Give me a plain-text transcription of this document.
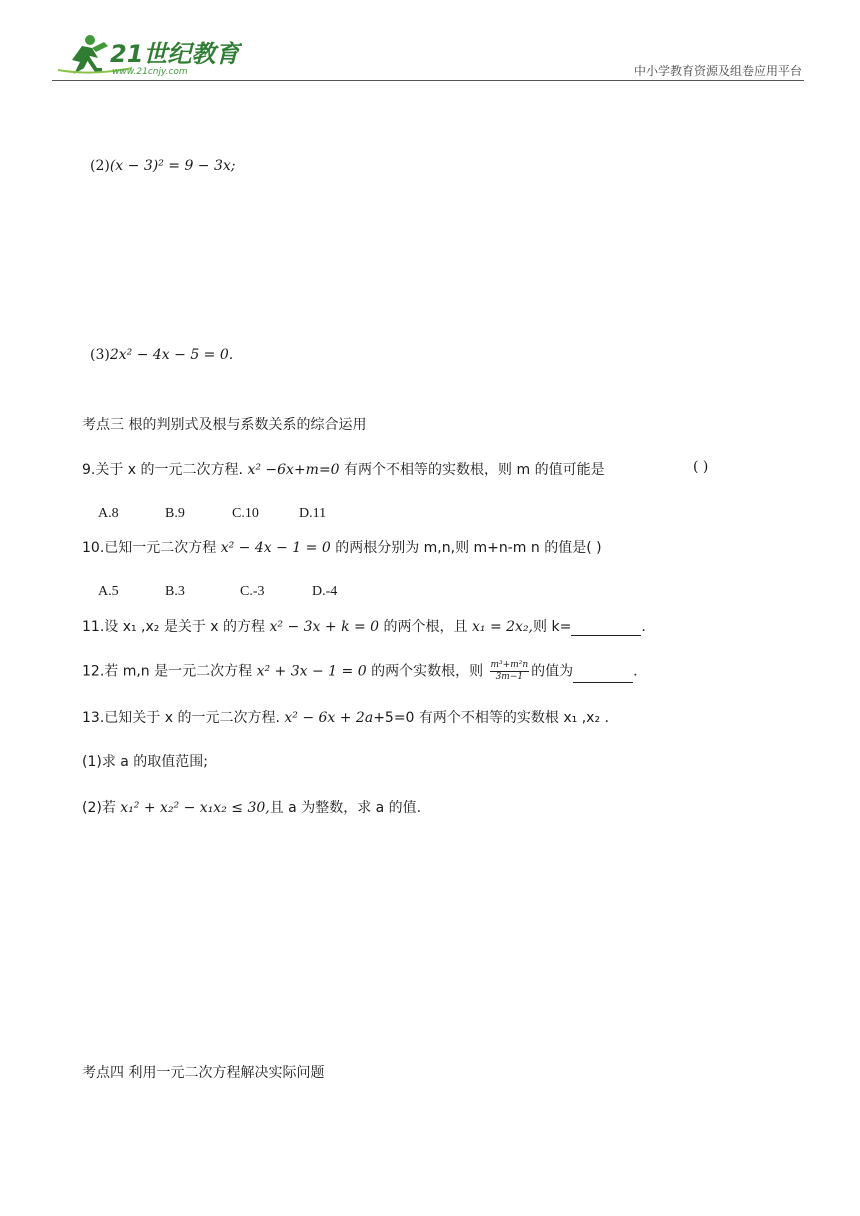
21世纪教育
www.21cnjy.com	中小学教育资源及组卷应用平台
(2)(x − 3)² = 9 − 3x;
(3)2x² − 4x − 5 = 0.
考点三 根的判别式及根与系数关系的综合运用
9.关于 x 的一元二次方程. x² −6x+m=0 有两个不相等的实数根，则 m 的值可能是	( )
A.8	B.9	C.10	D.11
10.已知一元二次方程 x² − 4x − 1 = 0 的两根分别为 m,n,则 m+n-m n 的值是( )
A.5	B.3	C.-3	D.-4
11.设 x₁ ,x₂ 是关于 x 的方程 x² − 3x + k = 0 的两个根，且 x₁ = 2x₂,则 k=	.
12.若 m,n 是一元二次方程 x² + 3x − 1 = 0 的两个实数根，则 $\frac{\text{m³+m²n}}{3m-1}$ 的值为	.
13.已知关于 x 的一元二次方程. x² − 6x + 2a+5=0 有两个不相等的实数根 x₁ ,x₂ .
(1)求 a 的取值范围;
(2)若 x₁² + x₂² − x₁x₂ ≤ 30,且 a 为整数，求 a 的值.
考点四 利用一元二次方程解决实际问题
